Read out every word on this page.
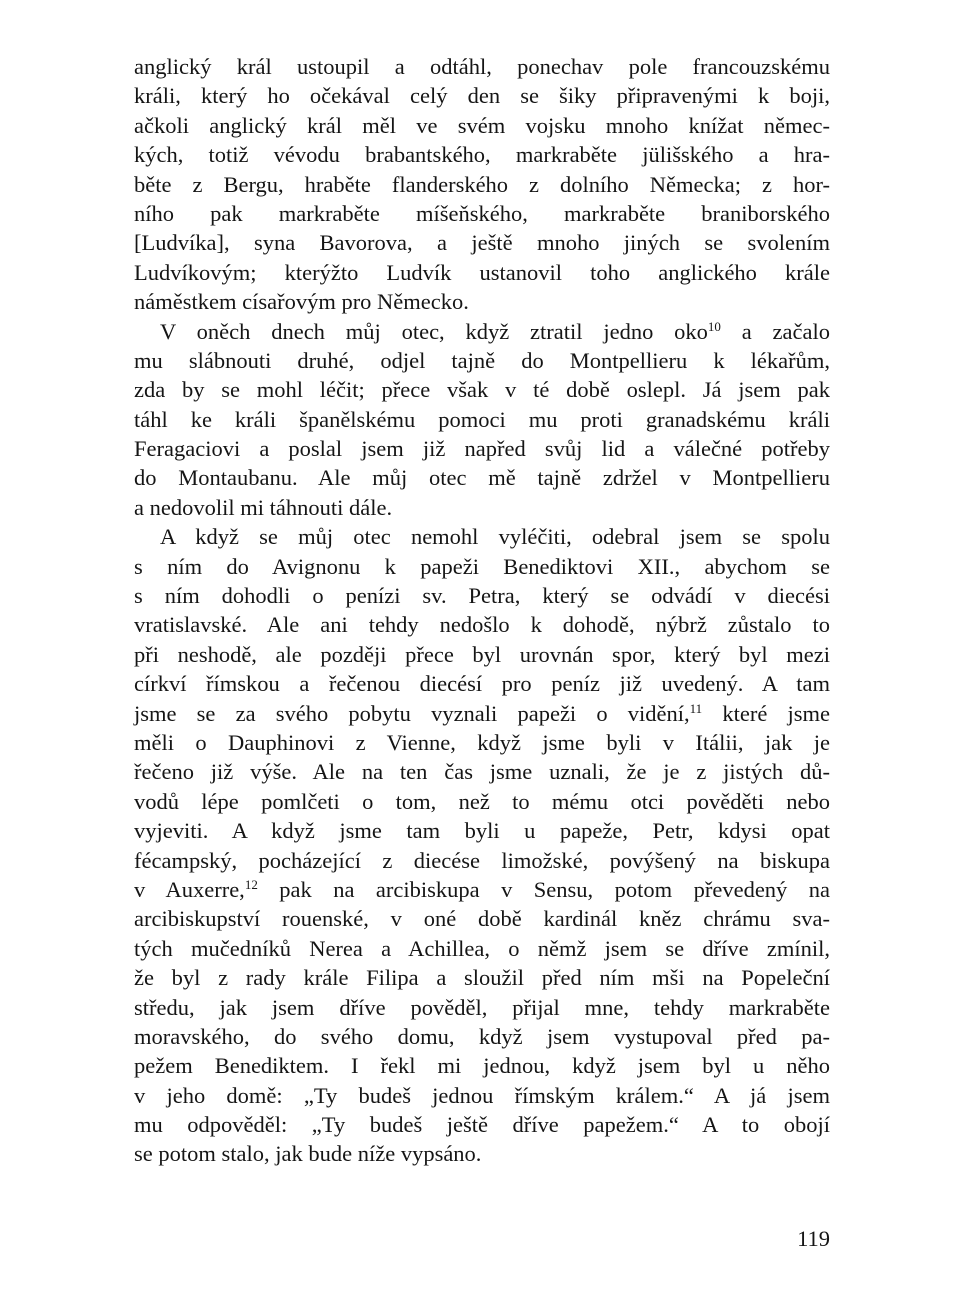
anglický král ustoupil a odtáhl, ponechav pole francouzskému
králi, který ho očekával celý den se šiky připravenými k boji,
ačkoli anglický král měl ve svém vojsku mnoho knížat němec-
kých, totiž vévodu brabantského, markraběte jülišského a hra-
běte z Bergu, hraběte flanderského z dolního Německa; z hor-
ního pak markraběte míšeňského, markraběte braniborského
[Ludvíka], syna Bavorova, a ještě mnoho jiných se svolením
Ludvíkovým; kterýžto Ludvík ustanovil toho anglického krále
náměstkem císařovým pro Německo.
V oněch dnech můj otec, když ztratil jedno oko$^{10}$ a začalo
mu slábnouti druhé, odjel tajně do Montpellieru k lékařům,
zda by se mohl léčit; přece však v té době oslepl. Já jsem pak
táhl ke králi španělskému pomoci mu proti granadskému králi
Feragaciovi a poslal jsem již napřed svůj lid a válečné potřeby
do Montaubanu. Ale můj otec mě tajně zdržel v Montpellieru
a nedovolil mi táhnouti dále.
A když se můj otec nemohl vyléčiti, odebral jsem se spolu
s ním do Avignonu k papeži Benediktovi XII., abychom se
s ním dohodli o penízi sv. Petra, který se odvádí v diecési
vratislavské. Ale ani tehdy nedošlo k dohodě, nýbrž zůstalo to
při neshodě, ale později přece byl urovnán spor, který byl mezi
církví římskou a řečenou diecésí pro peníz již uvedený. A tam
jsme se za svého pobytu vyznali papeži o vidění,$^{11}$ které jsme
měli o Dauphinovi z Vienne, když jsme byli v Itálii, jak je
řečeno již výše. Ale na ten čas jsme uznali, že je z jistých dů-
vodů lépe pomlčeti o tom, než to mému otci pověděti nebo
vyjeviti. A když jsme tam byli u papeže, Petr, kdysi opat
fécampský, pocházející z diecése limožské, povýšený na biskupa
v Auxerre,$^{12}$ pak na arcibiskupa v Sensu, potom převedený na
arcibiskupství rouenské, v oné době kardinál kněz chrámu sva-
tých mučedníků Nerea a Achillea, o němž jsem se dříve zmínil,
že byl z rady krále Filipa a sloužil před ním mši na Popeleční
středu, jak jsem dříve pověděl, přijal mne, tehdy markraběte
moravského, do svého domu, když jsem vystupoval před pa-
pežem Benediktem. I řekl mi jednou, když jsem byl u něho
v jeho domě: „Ty budeš jednou římským králem.“ A já jsem
mu odpověděl: „Ty budeš ještě dříve papežem.“ A to obojí
se potom stalo, jak bude níže vypsáno.
119
